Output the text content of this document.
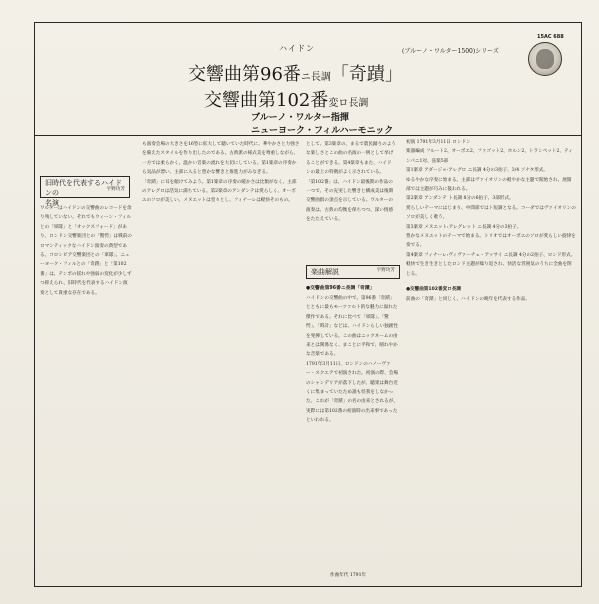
ハイドン	(ブルーノ・ワルター1500)シリーズ
15AC 688
交響曲第96番ニ長調「奇蹟」
交響曲第102番変ロ長調
ブルーノ・ワルター指揮
ニューヨーク・フィルハーモニック
旧時代を代表するハイドンの
名演
宇野功芳

ワルターはハイドンの交響曲のレコードを余り残していない。それでもウィーン・フィルとの「軍隊」と「オックスフォード」があり、ロンドン交響楽団との「驚愕」は戦前のロマンティックなハイドン演奏の典型である。コロンビア交響楽団との「軍隊」、ニューヨーク・フィルとの「奇蹟」と「第102番」は、テンポの揺れや強弱の変化が少しずつ抑えられ、旧時代を代表するハイドン演奏として貴重な存在である。

も演奏会場の大きさを16型に拡大して聴いていた時代に、華やかさと力強さを備えたスタイルを作り出したのである。古典派の様式美を尊重しながら、一方では柔らかく、温かい音楽の流れを大切にしている。第1楽章の序奏から気品が漂い、主部に入ると豊かな響きと推進力がみなぎる。

「奇蹟」に耳を傾けてみよう。第1楽章の序奏の暖かさは比類がなく、主部のアレグロは活気に満ちている。第2楽章のアンダンテは愛らしく、オーボエのソロが美しい。メヌエットは堂々とし、フィナーレは軽快そのもの。

として、第3楽章の、まるで農民踊りのような楽しさとこの曲の名演の一例として挙げることができる。第4楽章もまた、ハイドンの最上の特徴がよく示されている。

「第102番」は、ハイドン最後期の作品の一つで、その充実した響きと構成美は後期交響曲群の頂点を示している。ワルターの演奏は、古典の均衡を保ちつつ、深い情感をたたえている。

楽曲解説	宇野功芳
●交響曲第96番ニ長調「奇蹟」

ハイドンの交響曲の中で、第96番「奇蹟」とともに最もモーツァルト的な魅力に溢れた傑作である。それに比べて「軍隊」、「驚愕」、「時計」などは、ハイドンらしい独創性を発揮している。この曲はニックネームの由来とは関係なく、まことに平和で、晴れやかな音楽である。

1791年3月11日、ロンドンのハノーヴァー・スクエアで初演された。初演の際、会場のシャンデリアが落下したが、聴衆は舞台近くに集まっていたため誰も怪我をしなかった。これが「奇蹟」の名の由来とされるが、実際には第102番の初演時の出来事であったといわれる。

作曲年代 1791年

初演 1791年3月11日 ロンドン

楽器編成 フルート2、オーボエ2、ファゴット2、ホルン2、トランペット2、ティンパニ1対、弦楽5部

第1楽章 アダージョ-アレグロ ニ長調 4分の3拍子、3/4 ソナタ形式。

ゆるやかな序奏に始まる。主部はヴァイオリンの軽やかな主題で開始され、展開部では主題が巧みに扱われる。

第2楽章 アンダンテ ト長調 8分の6拍子、3部形式。

愛らしいテーマにはじまり、中間部ではト短調となる。コーダではヴァイオリンのソロが美しく歌う。

第3楽章 メヌエット:アレグレット ニ長調 4分の3拍子。

豊かなメヌエットのテーマで始まる。トリオではオーボエのソロが愛らしい旋律を奏でる。

第4楽章 フィナーレ:ヴィヴァーチェ・アッサイ ニ長調 4分の2拍子、ロンド形式。

軽快で生き生きとしたロンド主題が繰り返され、快活な雰囲気のうちに全曲を閉じる。

●交響曲第102番変ロ長調

前曲の「奇蹟」と同じく、ハイドンの晩年を代表する作品。
